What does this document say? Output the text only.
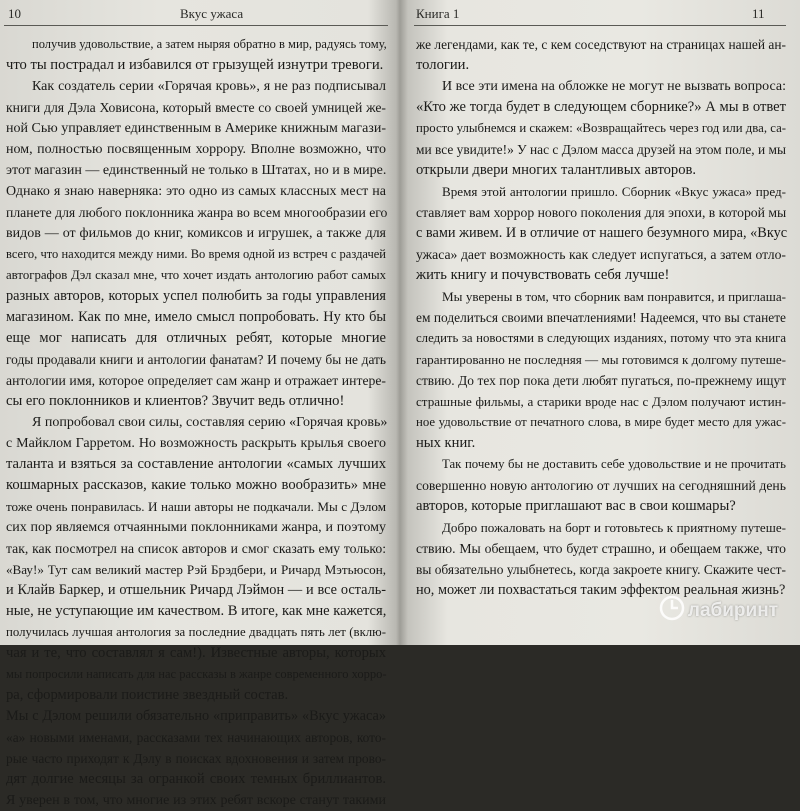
10	Вкус ужаса
получив удовольствие, а затем ныряя обратно в мир, радуясь тому,
что ты пострадал и избавился от грызущей изнутри тревоги.
Как создатель серии «Горячая кровь», я не раз подписывал
книги для Дэла Ховисона, который вместе со своей умницей же-
ной Сью управляет единственным в Америке книжным магази-
ном, полностью посвященным хоррору. Вполне возможно, что
этот магазин — единственный не только в Штатах, но и в мире.
Однако я знаю наверняка: это одно из самых классных мест на
планете для любого поклонника жанра во всем многообразии его
видов — от фильмов до книг, комиксов и игрушек, а также для
всего, что находится между ними. Во время одной из встреч с раздачей
автографов Дэл сказал мне, что хочет издать антологию работ самых
разных авторов, которых успел полюбить за годы управления
магазином. Как по мне, имело смысл попробовать. Ну кто бы
еще мог написать для отличных ребят, которые многие
годы продавали книги и антологии фанатам? И почему бы не дать
антологии имя, которое определяет сам жанр и отражает интере-
сы его поклонников и клиентов? Звучит ведь отлично!
Я попробовал свои силы, составляя серию «Горячая кровь»
с Майклом Гарретом. Но возможность раскрыть крылья своего
таланта и взяться за составление антологии «самых лучших
кошмарных рассказов, какие только можно вообразить» мне
тоже очень понравилась. И наши авторы не подкачали. Мы с Дэлом
сих пор являемся отчаянными поклонниками жанра, и поэтому
так, как посмотрел на список авторов и смог сказать ему только:
«Вау!» Тут сам великий мастер Рэй Брэдбери, и Ричард Мэтьюсон,
и Клайв Баркер, и отшельник Ричард Лэймон — и все осталь-
ные, не уступающие им качеством. В итоге, как мне кажется,
получилась лучшая антология за последние двадцать пять лет (вклю-
чая и те, что составлял я сам!). Известные авторы, которых
мы попросили написать для нас рассказы в жанре современного хорро-
ра, сформировали поистине звездный состав.
Мы с Дэлом решили обязательно «приправить» «Вкус ужаса»
«а» новыми именами, рассказами тех начинающих авторов, кото-
рые часто приходят к Дэлу в поисках вдохновения и затем прово-
дят долгие месяцы за огранкой своих темных бриллиантов.
Я уверен в том, что многие из этих ребят вскоре станут такими
Книга 1	11
же легендами, как те, с кем соседствуют на страницах нашей ан-
тологии.
И все эти имена на обложке не могут не вызвать вопроса:
«Кто же тогда будет в следующем сборнике?» А мы в ответ
просто улыбнемся и скажем: «Возвращайтесь через год или два, са-
ми все увидите!» У нас с Дэлом масса друзей на этом поле, и мы
открыли двери многих талантливых авторов.
Время этой антологии пришло. Сборник «Вкус ужаса» пред-
ставляет вам хоррор нового поколения для эпохи, в которой мы
с вами живем. И в отличие от нашего безумного мира, «Вкус
ужаса» дает возможность как следует испугаться, а затем отло-
жить книгу и почувствовать себя лучше!
Мы уверены в том, что сборник вам понравится, и приглаша-
ем поделиться своими впечатлениями! Надеемся, что вы станете
следить за новостями в следующих изданиях, потому что эта книга
гарантированно не последняя — мы готовимся к долгому путеше-
ствию. До тех пор пока дети любят пугаться, по-прежнему ищут
страшные фильмы, а старики вроде нас с Дэлом получают истин-
ное удовольствие от печатного слова, в мире будет место для ужас-
ных книг.
Так почему бы не доставить себе удовольствие и не прочитать
совершенно новую антологию от лучших на сегодняшний день
авторов, которые приглашают вас в свои кошмары?
Добро пожаловать на борт и готовьтесь к приятному путеше-
ствию. Мы обещаем, что будет страшно, и обещаем также, что
вы обязательно улыбнетесь, когда закроете книгу. Скажите чест-
но, может ли похвастаться таким эффектом реальная жизнь?
лабиринт
